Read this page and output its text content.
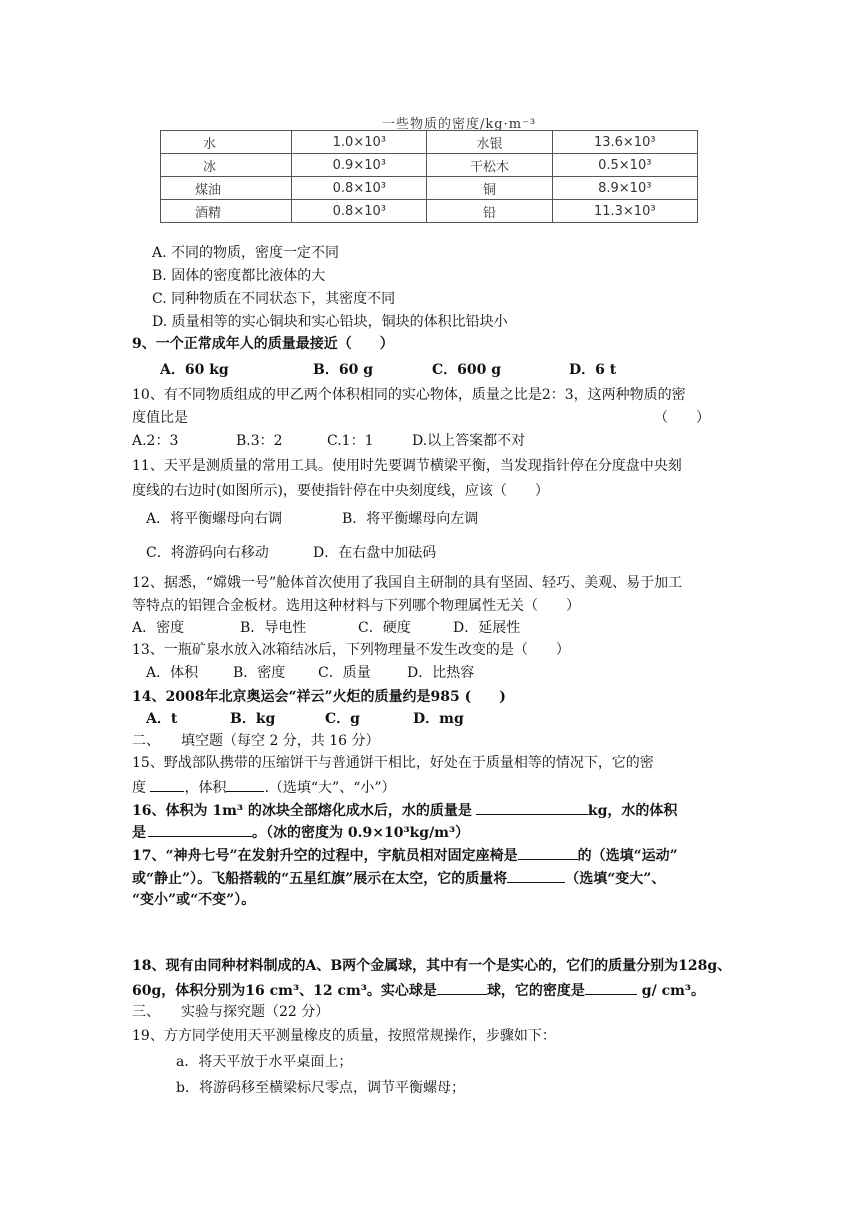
一些物质的密度/kg·m⁻³
水	1.0×10³	水银	13.6×10³
冰	0.9×10³	干松木	0.5×10³
煤油	0.8×10³	铜	8.9×10³
酒精	0.8×10³	铅	11.3×10³
A. 不同的物质，密度一定不同
B. 固体的密度都比液体的大
C. 同种物质在不同状态下，其密度不同
D. 质量相等的实心铜块和实心铅块，铜块的体积比铅块小
9、一个正常成年人的质量最接近（　　）
A．60 kg	B．60 g	C．600 g	D．6 t
10、有不同物质组成的甲乙两个体积相同的实心物体，质量之比是2：3，这两种物质的密
度值比是	（　　）
A.2：3	B.3：2	C.1：1	D.以上答案都不对
11、天平是测质量的常用工具。使用时先要调节横梁平衡，当发现指针停在分度盘中央刻
度线的右边时(如图所示)，要使指针停在中央刻度线，应该（　　）
A．将平衡螺母向右调	B．将平衡螺母向左调
C．将游码向右移动	D．在右盘中加砝码
12、据悉，“嫦娥一号”舱体首次使用了我国自主研制的具有坚固、轻巧、美观、易于加工
等特点的铝锂合金板材。选用这种材料与下列哪个物理属性无关（　　）
A．密度	B．导电性	C．硬度	D．延展性
13、一瓶矿泉水放入冰箱结冰后，下列物理量不发生改变的是（　　）
A．体积 B．密度 C．质量	D．比热容
14、2008年北京奥运会“祥云”火炬的质量约是985 (　　)
A．t	B．kg	C．g	D．mg
二、　　填空题（每空 2 分，共 16 分）
15、野战部队携带的压缩饼干与普通饼干相比，好处在于质量相等的情况下，它的密
度	，体积	.（选填“大”、“小”）
16、体积为 1m³ 的冰块全部熔化成水后，水的质量是	kg，水的体积
是	。（冰的密度为 0.9×10³kg/m³）
17、“神舟七号”在发射升空的过程中，宇航员相对固定座椅是	的（选填“运动”
或“静止”）。飞船搭载的“五星红旗”展示在太空，它的质量将	（选填“变大”、
“变小”或“不变”）。
18、现有由同种材料制成的A、B两个金属球，其中有一个是实心的，它们的质量分别为128g、
60g，体积分别为16 cm³、12 cm³。实心球是	球，它的密度是	g/ cm³。
三、　　实验与探究题（22 分）
19、方方同学使用天平测量橡皮的质量，按照常规操作，步骤如下：
a．将天平放于水平桌面上；
b．将游码移至横梁标尺零点，调节平衡螺母；
